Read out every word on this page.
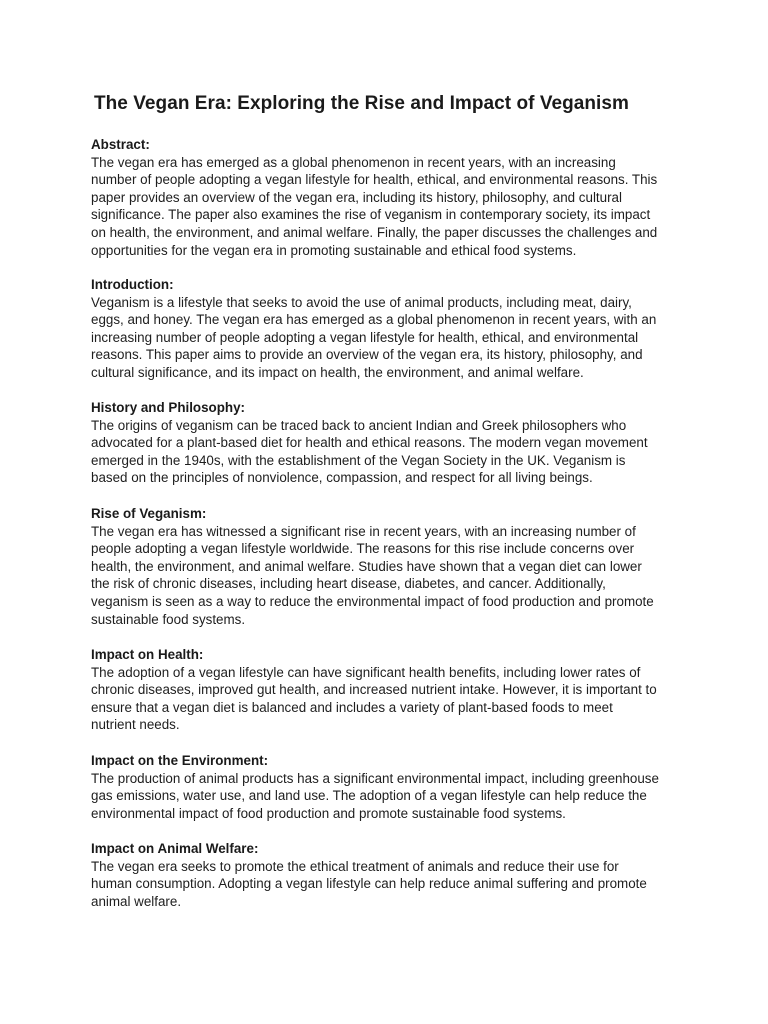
The Vegan Era: Exploring the Rise and Impact of Veganism
Abstract:

The vegan era has emerged as a global phenomenon in recent years, with an increasing
number of people adopting a vegan lifestyle for health, ethical, and environmental reasons. This
paper provides an overview of the vegan era, including its history, philosophy, and cultural
significance. The paper also examines the rise of veganism in contemporary society, its impact
on health, the environment, and animal welfare. Finally, the paper discusses the challenges and
opportunities for the vegan era in promoting sustainable and ethical food systems.

Introduction:

Veganism is a lifestyle that seeks to avoid the use of animal products, including meat, dairy,
eggs, and honey. The vegan era has emerged as a global phenomenon in recent years, with an
increasing number of people adopting a vegan lifestyle for health, ethical, and environmental
reasons. This paper aims to provide an overview of the vegan era, its history, philosophy, and
cultural significance, and its impact on health, the environment, and animal welfare.

History and Philosophy:

The origins of veganism can be traced back to ancient Indian and Greek philosophers who
advocated for a plant-based diet for health and ethical reasons. The modern vegan movement
emerged in the 1940s, with the establishment of the Vegan Society in the UK. Veganism is
based on the principles of nonviolence, compassion, and respect for all living beings.

Rise of Veganism:

The vegan era has witnessed a significant rise in recent years, with an increasing number of
people adopting a vegan lifestyle worldwide. The reasons for this rise include concerns over
health, the environment, and animal welfare. Studies have shown that a vegan diet can lower
the risk of chronic diseases, including heart disease, diabetes, and cancer. Additionally,
veganism is seen as a way to reduce the environmental impact of food production and promote
sustainable food systems.

Impact on Health:

The adoption of a vegan lifestyle can have significant health benefits, including lower rates of
chronic diseases, improved gut health, and increased nutrient intake. However, it is important to
ensure that a vegan diet is balanced and includes a variety of plant-based foods to meet
nutrient needs.

Impact on the Environment:

The production of animal products has a significant environmental impact, including greenhouse
gas emissions, water use, and land use. The adoption of a vegan lifestyle can help reduce the
environmental impact of food production and promote sustainable food systems.

Impact on Animal Welfare:

The vegan era seeks to promote the ethical treatment of animals and reduce their use for
human consumption. Adopting a vegan lifestyle can help reduce animal suffering and promote
animal welfare.
